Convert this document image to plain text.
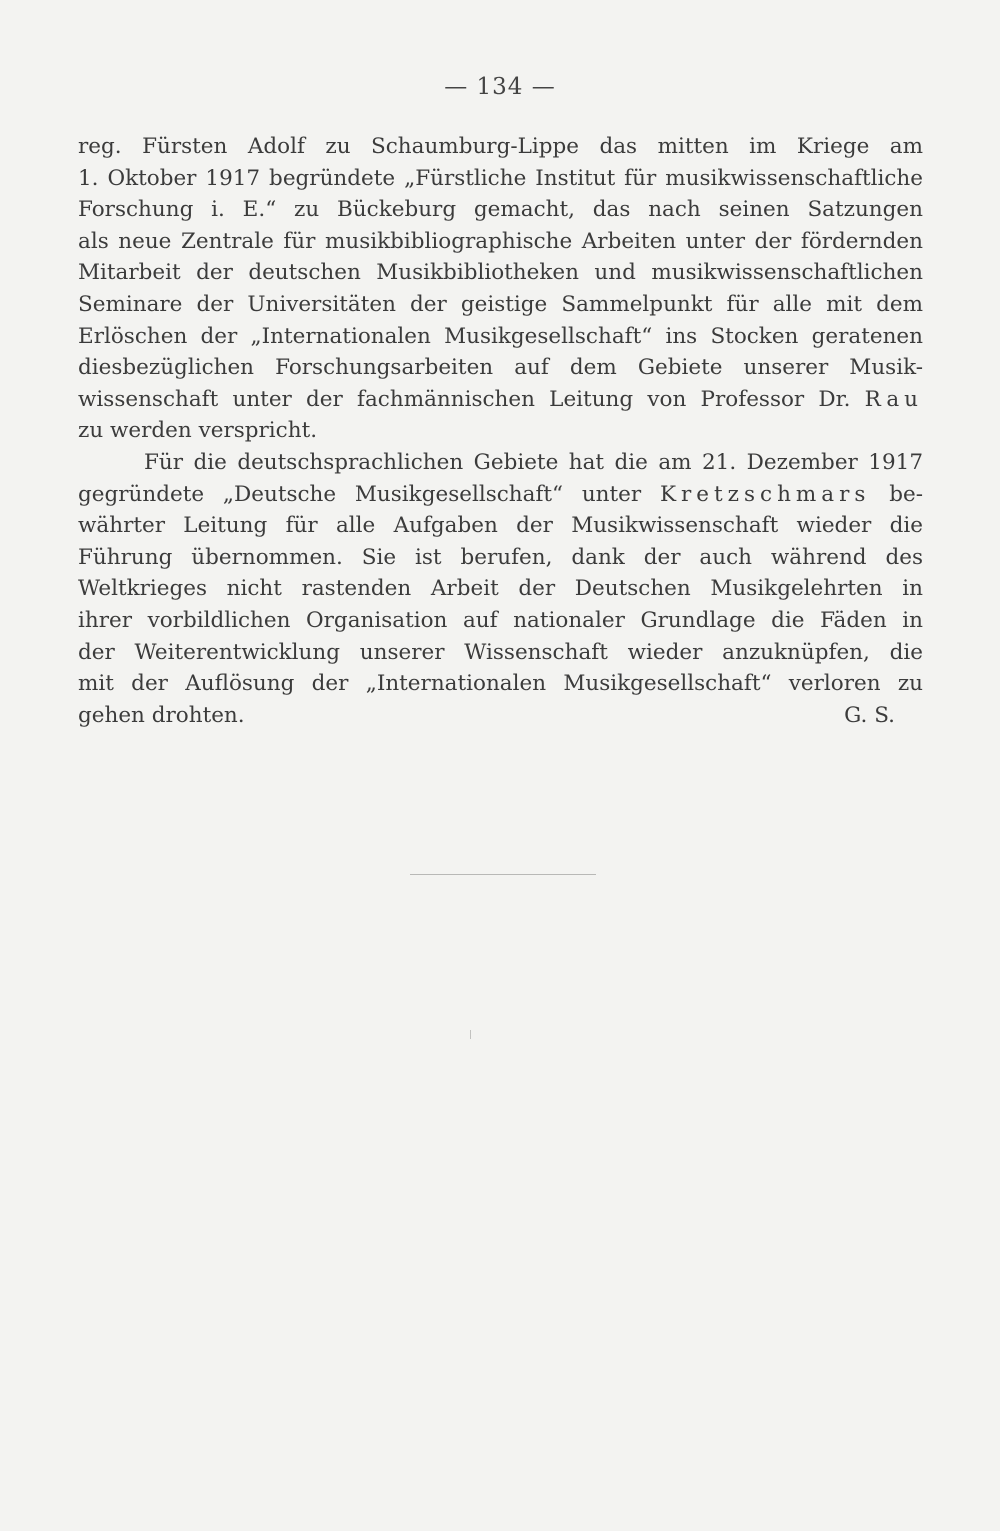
— 134 —
reg. Fürsten Adolf zu Schaumburg-Lippe das mitten im Kriege am
1. Oktober 1917 begründete „Fürstliche Institut für musikwissenschaftliche
Forschung i. E.“ zu Bückeburg gemacht, das nach seinen Satzungen
als neue Zentrale für musikbibliographische Arbeiten unter der fördernden
Mitarbeit der deutschen Musikbibliotheken und musikwissenschaftlichen
Seminare der Universitäten der geistige Sammelpunkt für alle mit dem
Erlöschen der „Internationalen Musikgesellschaft“ ins Stocken geratenen
diesbezüglichen Forschungsarbeiten auf dem Gebiete unserer Musik-
wissenschaft unter der fachmännischen Leitung von Professor Dr. Rau
zu werden verspricht.
Für die deutschsprachlichen Gebiete hat die am 21. Dezember 1917
gegründete „Deutsche Musikgesellschaft“ unter Kretzschmars be-
währter Leitung für alle Aufgaben der Musikwissenschaft wieder die
Führung übernommen. Sie ist berufen, dank der auch während des
Weltkrieges nicht rastenden Arbeit der Deutschen Musikgelehrten in
ihrer vorbildlichen Organisation auf nationaler Grundlage die Fäden in
der Weiterentwicklung unserer Wissenschaft wieder anzuknüpfen, die
mit der Auflösung der „Internationalen Musikgesellschaft“ verloren zu
gehen drohten.	G. S.
